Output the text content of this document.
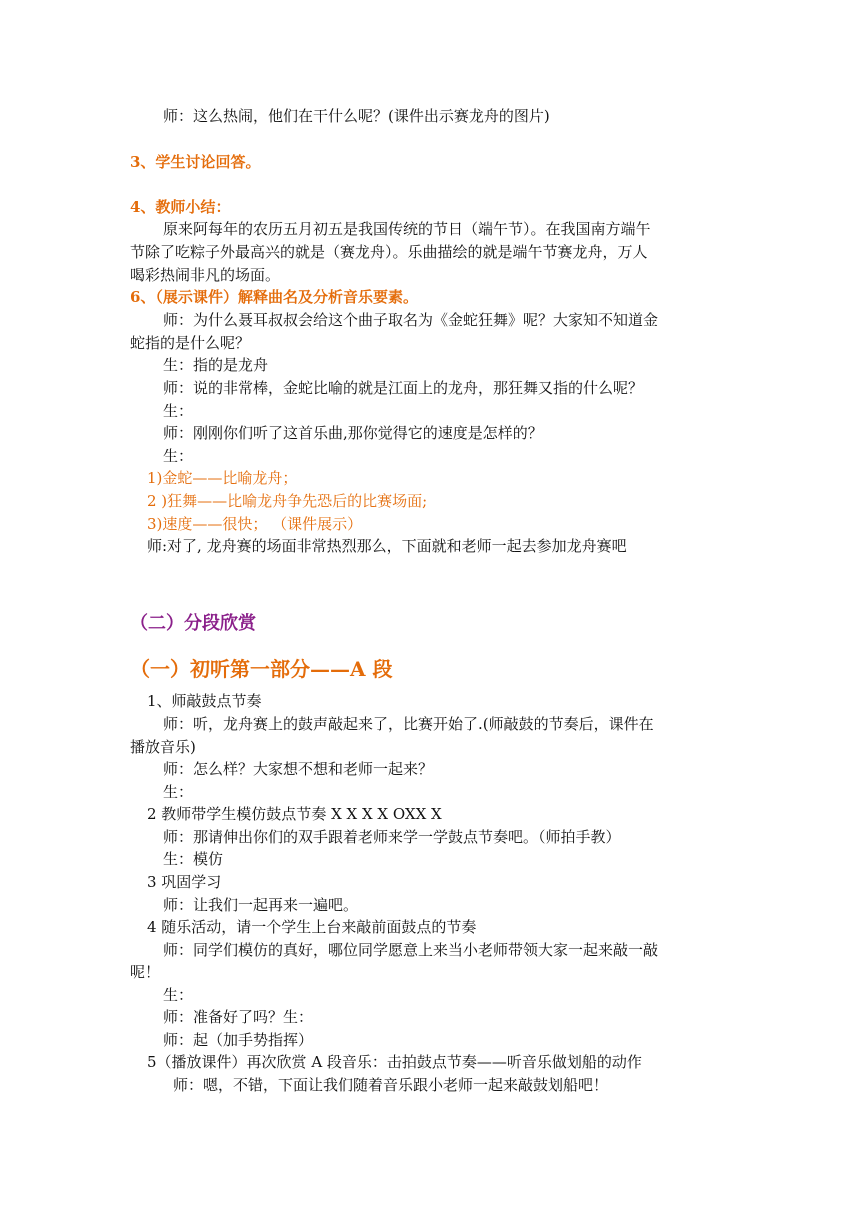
师：这么热闹，他们在干什么呢？(课件出示赛龙舟的图片)
3、学生讨论回答。
4、教师小结：
原来阿每年的农历五月初五是我国传统的节日（端午节）。在我国南方端午
节除了吃粽子外最高兴的就是（赛龙舟）。乐曲描绘的就是端午节赛龙舟，万人
喝彩热闹非凡的场面。
6、（展示课件）解释曲名及分析音乐要素。
师：为什么聂耳叔叔会给这个曲子取名为《金蛇狂舞》呢？大家知不知道金
蛇指的是什么呢？
生：指的是龙舟
师：说的非常棒，金蛇比喻的就是江面上的龙舟，那狂舞又指的什么呢？
生：
师：刚刚你们听了这首乐曲,那你觉得它的速度是怎样的？
生：
1)金蛇——比喻龙舟；
2 )狂舞——比喻龙舟争先恐后的比赛场面;
3)速度——很快； （课件展示）
师:对了, 龙舟赛的场面非常热烈那么，下面就和老师一起去参加龙舟赛吧
（二）分段欣赏
（一）初听第一部分——A 段
1、师敲鼓点节奏
师：听，龙舟赛上的鼓声敲起来了，比赛开始了.(师敲鼓的节奏后，课件在
播放音乐)
师：怎么样？大家想不想和老师一起来？
生：
2 教师带学生模仿鼓点节奏 X X X X OXX X
师：那请伸出你们的双手跟着老师来学一学鼓点节奏吧。（师拍手教）
生：模仿
3 巩固学习
师：让我们一起再来一遍吧。
4 随乐活动，请一个学生上台来敲前面鼓点的节奏
师：同学们模仿的真好，哪位同学愿意上来当小老师带领大家一起来敲一敲
呢！
生：
师：准备好了吗？生：
师：起（加手势指挥）
5（播放课件）再次欣赏 A 段音乐：击拍鼓点节奏——听音乐做划船的动作
师：嗯，不错，下面让我们随着音乐跟小老师一起来敲鼓划船吧！
